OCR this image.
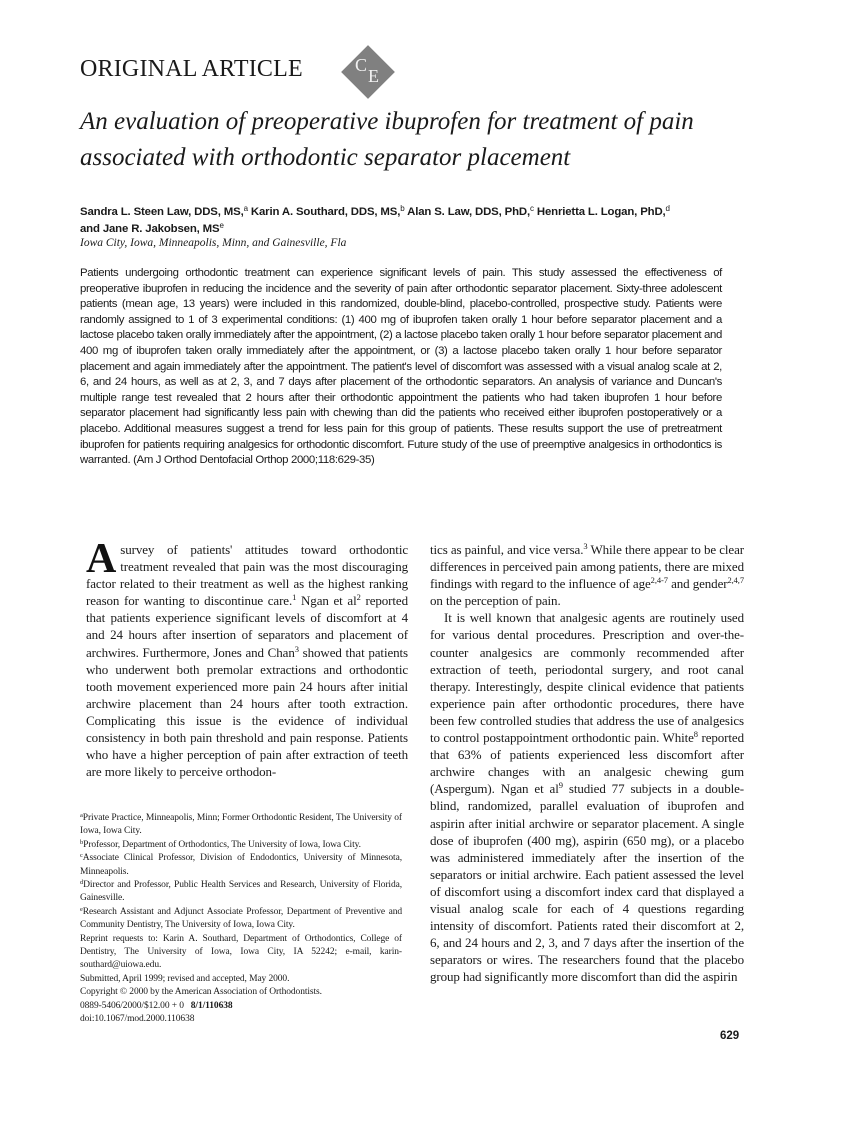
ORIGINAL ARTICLE	C
E
An evaluation of preoperative ibuprofen for treatment of pain
associated with orthodontic separator placement
Sandra L. Steen Law, DDS, MS,$^a$ Karin A. Southard, DDS, MS,$^b$ Alan S. Law, DDS, PhD,$^c$ Henrietta L. Logan, PhD,$^d$
and Jane R. Jakobsen, $MS^e$
Iowa City, Iowa, Minneapolis, Minn, and Gainesville, Fla

Patients undergoing orthodontic treatment can experience significant levels of pain. This study assessed the effectiveness of preoperative ibuprofen in reducing the incidence and the severity of pain after orthodontic separator placement. Sixty-three adolescent patients (mean age, 13 years) were included in this randomized, double-blind, placebo-controlled, prospective study. Patients were randomly assigned to 1 of 3 experimental conditions: (1) 400 mg of ibuprofen taken orally 1 hour before separator placement and a lactose placebo taken orally immediately after the appointment, (2) a lactose placebo taken orally 1 hour before separator placement and 400 mg of ibuprofen taken orally immediately after the appointment, or (3) a lactose placebo taken orally 1 hour before separator placement and again immediately after the appointment. The patient's level of discomfort was assessed with a visual analog scale at 2, 6, and 24 hours, as well as at 2, 3, and 7 days after placement of the orthodontic separators. An analysis of variance and Duncan's multiple range test revealed that 2 hours after their orthodontic appointment the patients who had taken ibuprofen 1 hour before separator placement had significantly less pain with chewing than did the patients who received either ibuprofen postoperatively or a placebo. Additional measures suggest a trend for less pain for this group of patients. These results support the use of pretreatment ibuprofen for patients requiring analgesics for orthodontic discomfort. Future study of the use of preemptive analgesics in orthodontics is warranted. (Am J Orthod Dentofacial Orthop 2000;118:629-35)

Asurvey of patients' attitudes toward orthodontic treatment revealed that pain was the most discouraging factor related to their treatment as well as the highest ranking reason for wanting to discontinue care.$^1$ Ngan et $al^2$ reported that patients experience significant levels of discomfort at 4 and 24 hours after insertion of separators and placement of archwires. Furthermore, Jones and Chan$^3$ showed that patients who underwent both premolar extractions and orthodontic tooth movement experienced more pain 24 hours after initial archwire placement than 24 hours after tooth extraction. Complicating this issue is the evidence of individual consistency in both pain threshold and pain response. Patients who have a higher perception of pain after extraction of teeth are more likely to perceive orthodon-

$^a$Private Practice, Minneapolis, Minn; Former Orthodontic Resident, The University of Iowa, Iowa City.

$^b$Professor, Department of Orthodontics, The University of Iowa, Iowa City.

$^c$Associate Clinical Professor, Division of Endodontics, University of Minnesota, Minneapolis.

$^d$Director and Professor, Public Health Services and Research, University of Florida, Gainesville.

$^e$Research Assistant and Adjunct Associate Professor, Department of Preventive and Community Dentistry, The University of Iowa, Iowa City.

Reprint requests to: Karin A. Southard, Department of Orthodontics, College of Dentistry, The University of Iowa, Iowa City, IA 52242; e-mail, karin-southard@uiowa.edu.

Submitted, April 1999; revised and accepted, May 2000.

Copyright © 2000 by the American Association of Orthodontists.

0889-5406/2000/$12.00 + 0 8/1/110638

doi:10.1067/mod.2000.110638

tics as painful, and vice versa.$^3$ While there appear to be clear differences in perceived pain among patients, there are mixed findings with regard to the influence of age$^{2,4-7}$ and gender$^{2,4,7}$ on the perception of pain.

It is well known that analgesic agents are routinely used for various dental procedures. Prescription and over-the-counter analgesics are commonly recommended after extraction of teeth, periodontal surgery, and root canal therapy. Interestingly, despite clinical evidence that patients experience pain after orthodontic procedures, there have been few controlled studies that address the use of analgesics to control postappointment orthodontic pain. White$^8$ reported that 63% of patients experienced less discomfort after archwire changes with an analgesic chewing gum (Aspergum). Ngan et $al^9$ studied 77 subjects in a double-blind, randomized, parallel evaluation of ibuprofen and aspirin after initial archwire or separator placement. A single dose of ibuprofen (400 mg), aspirin (650 mg), or a placebo was administered immediately after the insertion of the separators or initial archwire. Each patient assessed the level of discomfort using a discomfort index card that displayed a visual analog scale for each of 4 questions regarding intensity of discomfort. Patients rated their discomfort at 2, 6, and 24 hours and 2, 3, and 7 days after the insertion of the separators or wires. The researchers found that the placebo group had significantly more discomfort than did the aspirin

629
